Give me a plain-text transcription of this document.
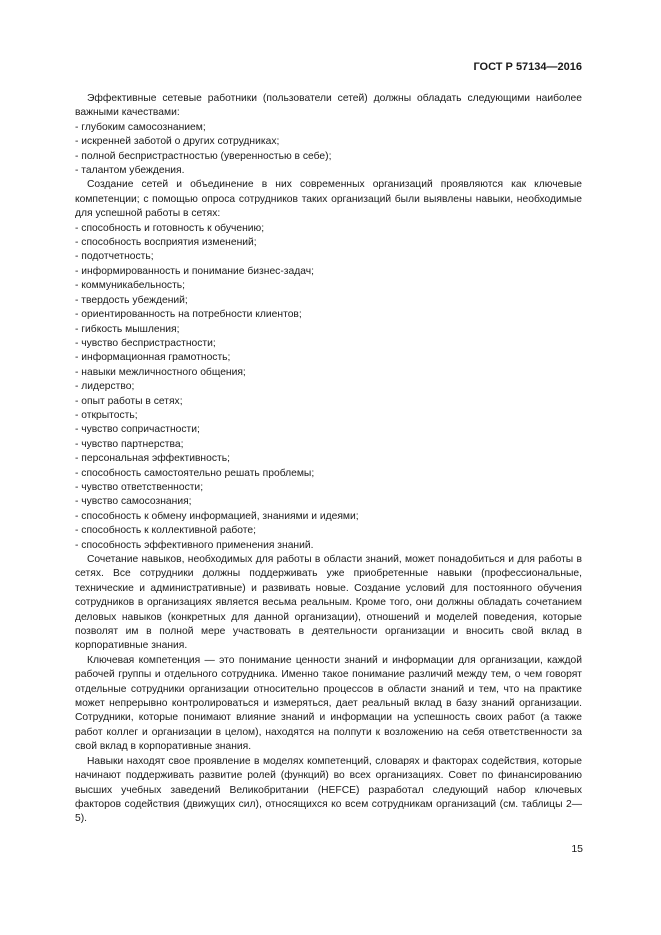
ГОСТ Р 57134—2016

Эффективные сетевые работники (пользователи сетей) должны обладать следующими наиболее важными качествами:

- глубоким самосознанием;
- искренней заботой о других сотрудниках;
- полной беспристрастностью (уверенностью в себе);
- талантом убеждения.

Создание сетей и объединение в них современных организаций проявляются как ключевые компетенции; с помощью опроса сотрудников таких организаций были выявлены навыки, необходимые для успешной работы в сетях:

- способность и готовность к обучению;
- способность восприятия изменений;
- подотчетность;
- информированность и понимание бизнес-задач;
- коммуникабельность;
- твердость убеждений;
- ориентированность на потребности клиентов;
- гибкость мышления;
- чувство беспристрастности;
- информационная грамотность;
- навыки межличностного общения;
- лидерство;
- опыт работы в сетях;
- открытость;
- чувство сопричастности;
- чувство партнерства;
- персональная эффективность;
- способность самостоятельно решать проблемы;
- чувство ответственности;
- чувство самосознания;
- способность к обмену информацией, знаниями и идеями;
- способность к коллективной работе;
- способность эффективного применения знаний.

Сочетание навыков, необходимых для работы в области знаний, может понадобиться и для работы в сетях. Все сотрудники должны поддерживать уже приобретенные навыки (профессиональные, технические и административные) и развивать новые. Создание условий для постоянного обучения сотрудников в организациях является весьма реальным. Кроме того, они должны обладать сочетанием деловых навыков (конкретных для данной организации), отношений и моделей поведения, которые позволят им в полной мере участвовать в деятельности организации и вносить свой вклад в корпоративные знания.

Ключевая компетенция — это понимание ценности знаний и информации для организации, каждой рабочей группы и отдельного сотрудника. Именно такое понимание различий между тем, о чем говорят отдельные сотрудники организации относительно процессов в области знаний и тем, что на практике может непрерывно контролироваться и измеряться, дает реальный вклад в базу знаний организации. Сотрудники, которые понимают влияние знаний и информации на успешность своих работ (а также работ коллег и организации в целом), находятся на полпути к возложению на себя ответственности за свой вклад в корпоративные знания.

Навыки находят свое проявление в моделях компетенций, словарях и факторах содействия, которые начинают поддерживать развитие ролей (функций) во всех организациях. Совет по финансированию высших учебных заведений Великобритании (HEFCE) разработал следующий набор ключевых факторов содействия (движущих сил), относящихся ко всем сотрудникам организаций (см. таблицы 2—5).

15
